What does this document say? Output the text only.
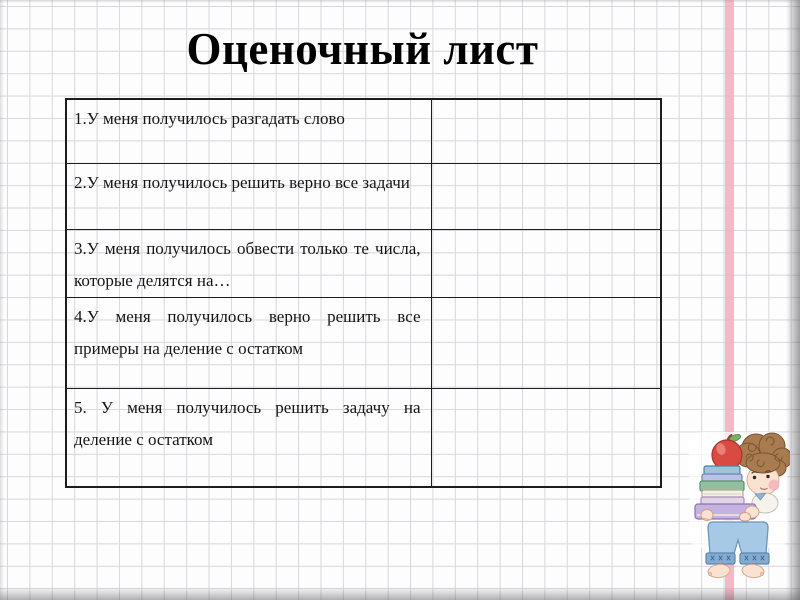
Оценочный лист
1.У меня получилось разгадать слово	
2.У меня получилось решить верно все задачи	
3.У меня получилось обвести только те числа, которые делятся на…	
4.У меня получилось верно решить все примеры на деление с остатком	
5. У меня получилось решить задачу на деление с остатком	
